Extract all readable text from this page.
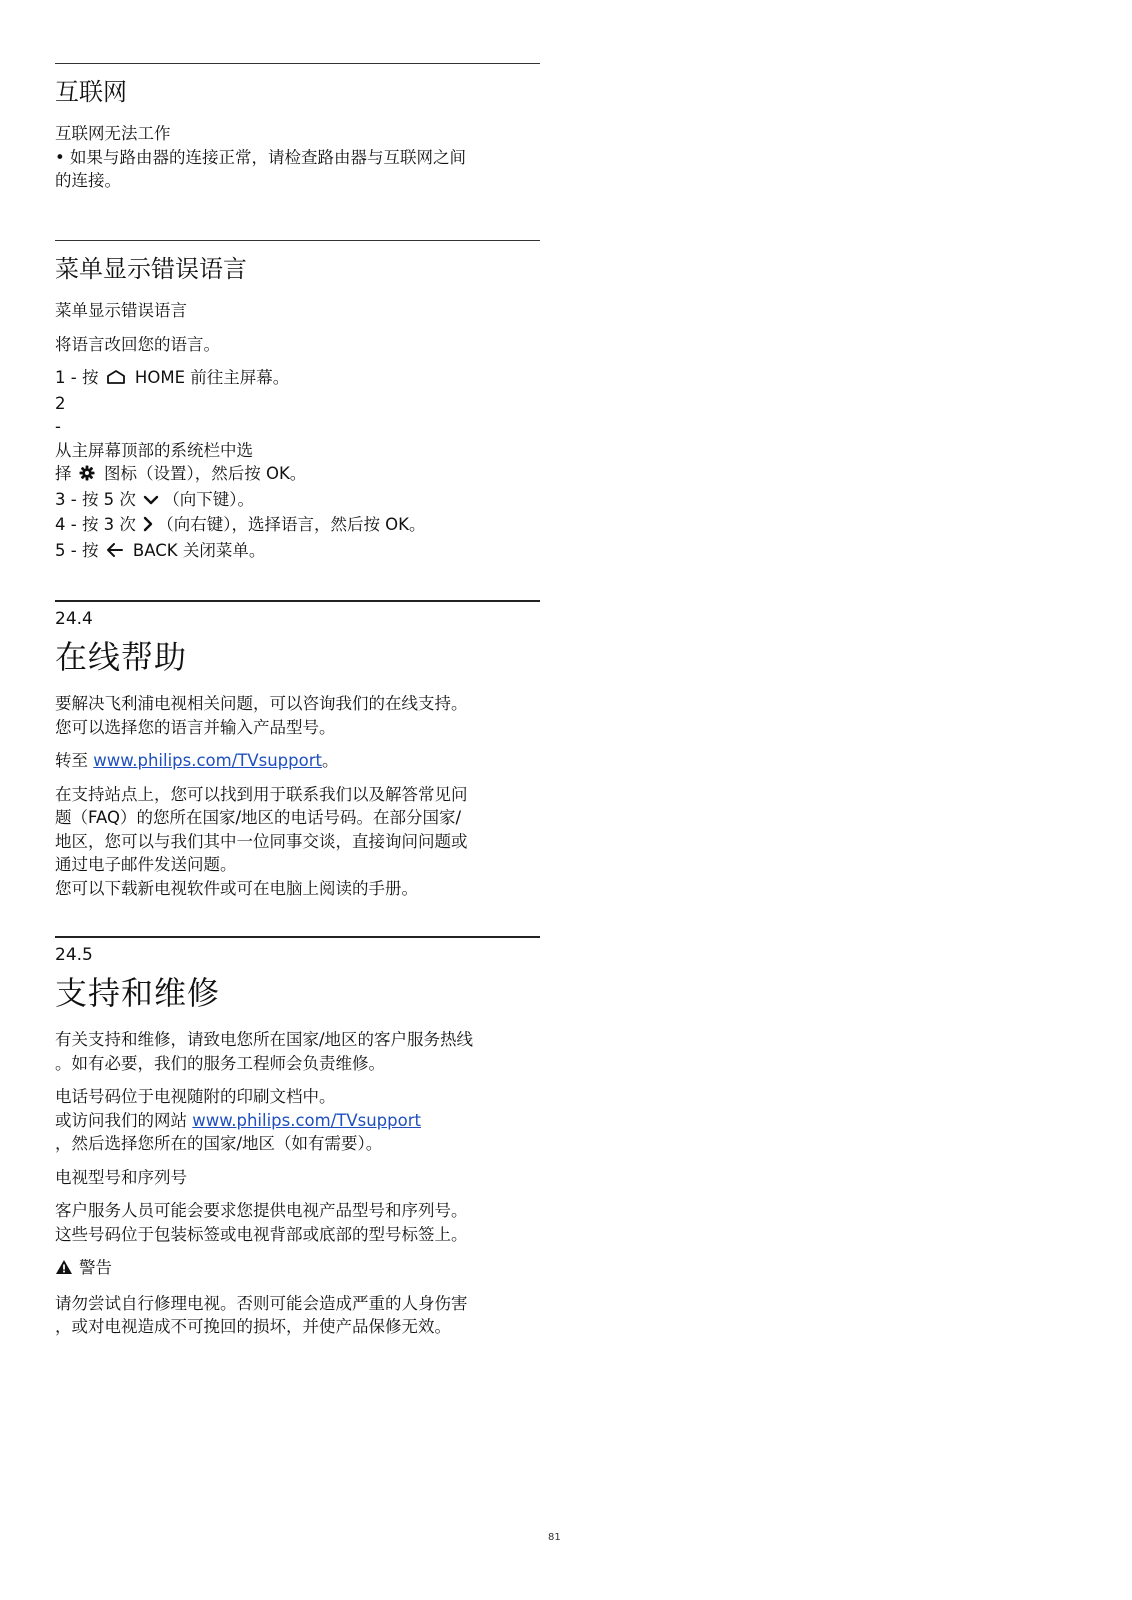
互联网

互联网无法工作

• 如果与路由器的连接正常，请检查路由器与互联网之间

的连接。

菜单显示错误语言

菜单显示错误语言

将语言改回您的语言。

1 - 按  HOME 前往主屏幕。

2

-

从主屏幕顶部的系统栏中选

择  图标（设置），然后按 OK。

3 - 按 5 次 （向下键）。

4 - 按 3 次 （向右键），选择语言，然后按 OK。

5 - 按  BACK 关闭菜单。

24.4

在线帮助

要解决飞利浦电视相关问题，可以咨询我们的在线支持。

您可以选择您的语言并输入产品型号。

转至 www.philips.com/TVsupport。

在支持站点上，您可以找到用于联系我们以及解答常见问

题（FAQ）的您所在国家/地区的电话号码。在部分国家/

地区，您可以与我们其中一位同事交谈，直接询问问题或

通过电子邮件发送问题。

您可以下载新电视软件或可在电脑上阅读的手册。

24.5

支持和维修

有关支持和维修，请致电您所在国家/地区的客户服务热线

。如有必要，我们的服务工程师会负责维修。

电话号码位于电视随附的印刷文档中。

或访问我们的网站 www.philips.com/TVsupport

，然后选择您所在的国家/地区（如有需要）。

电视型号和序列号

客户服务人员可能会要求您提供电视产品型号和序列号。

这些号码位于包装标签或电视背部或底部的型号标签上。

警告

请勿尝试自行修理电视。否则可能会造成严重的人身伤害

，或对电视造成不可挽回的损坏，并使产品保修无效。

81
